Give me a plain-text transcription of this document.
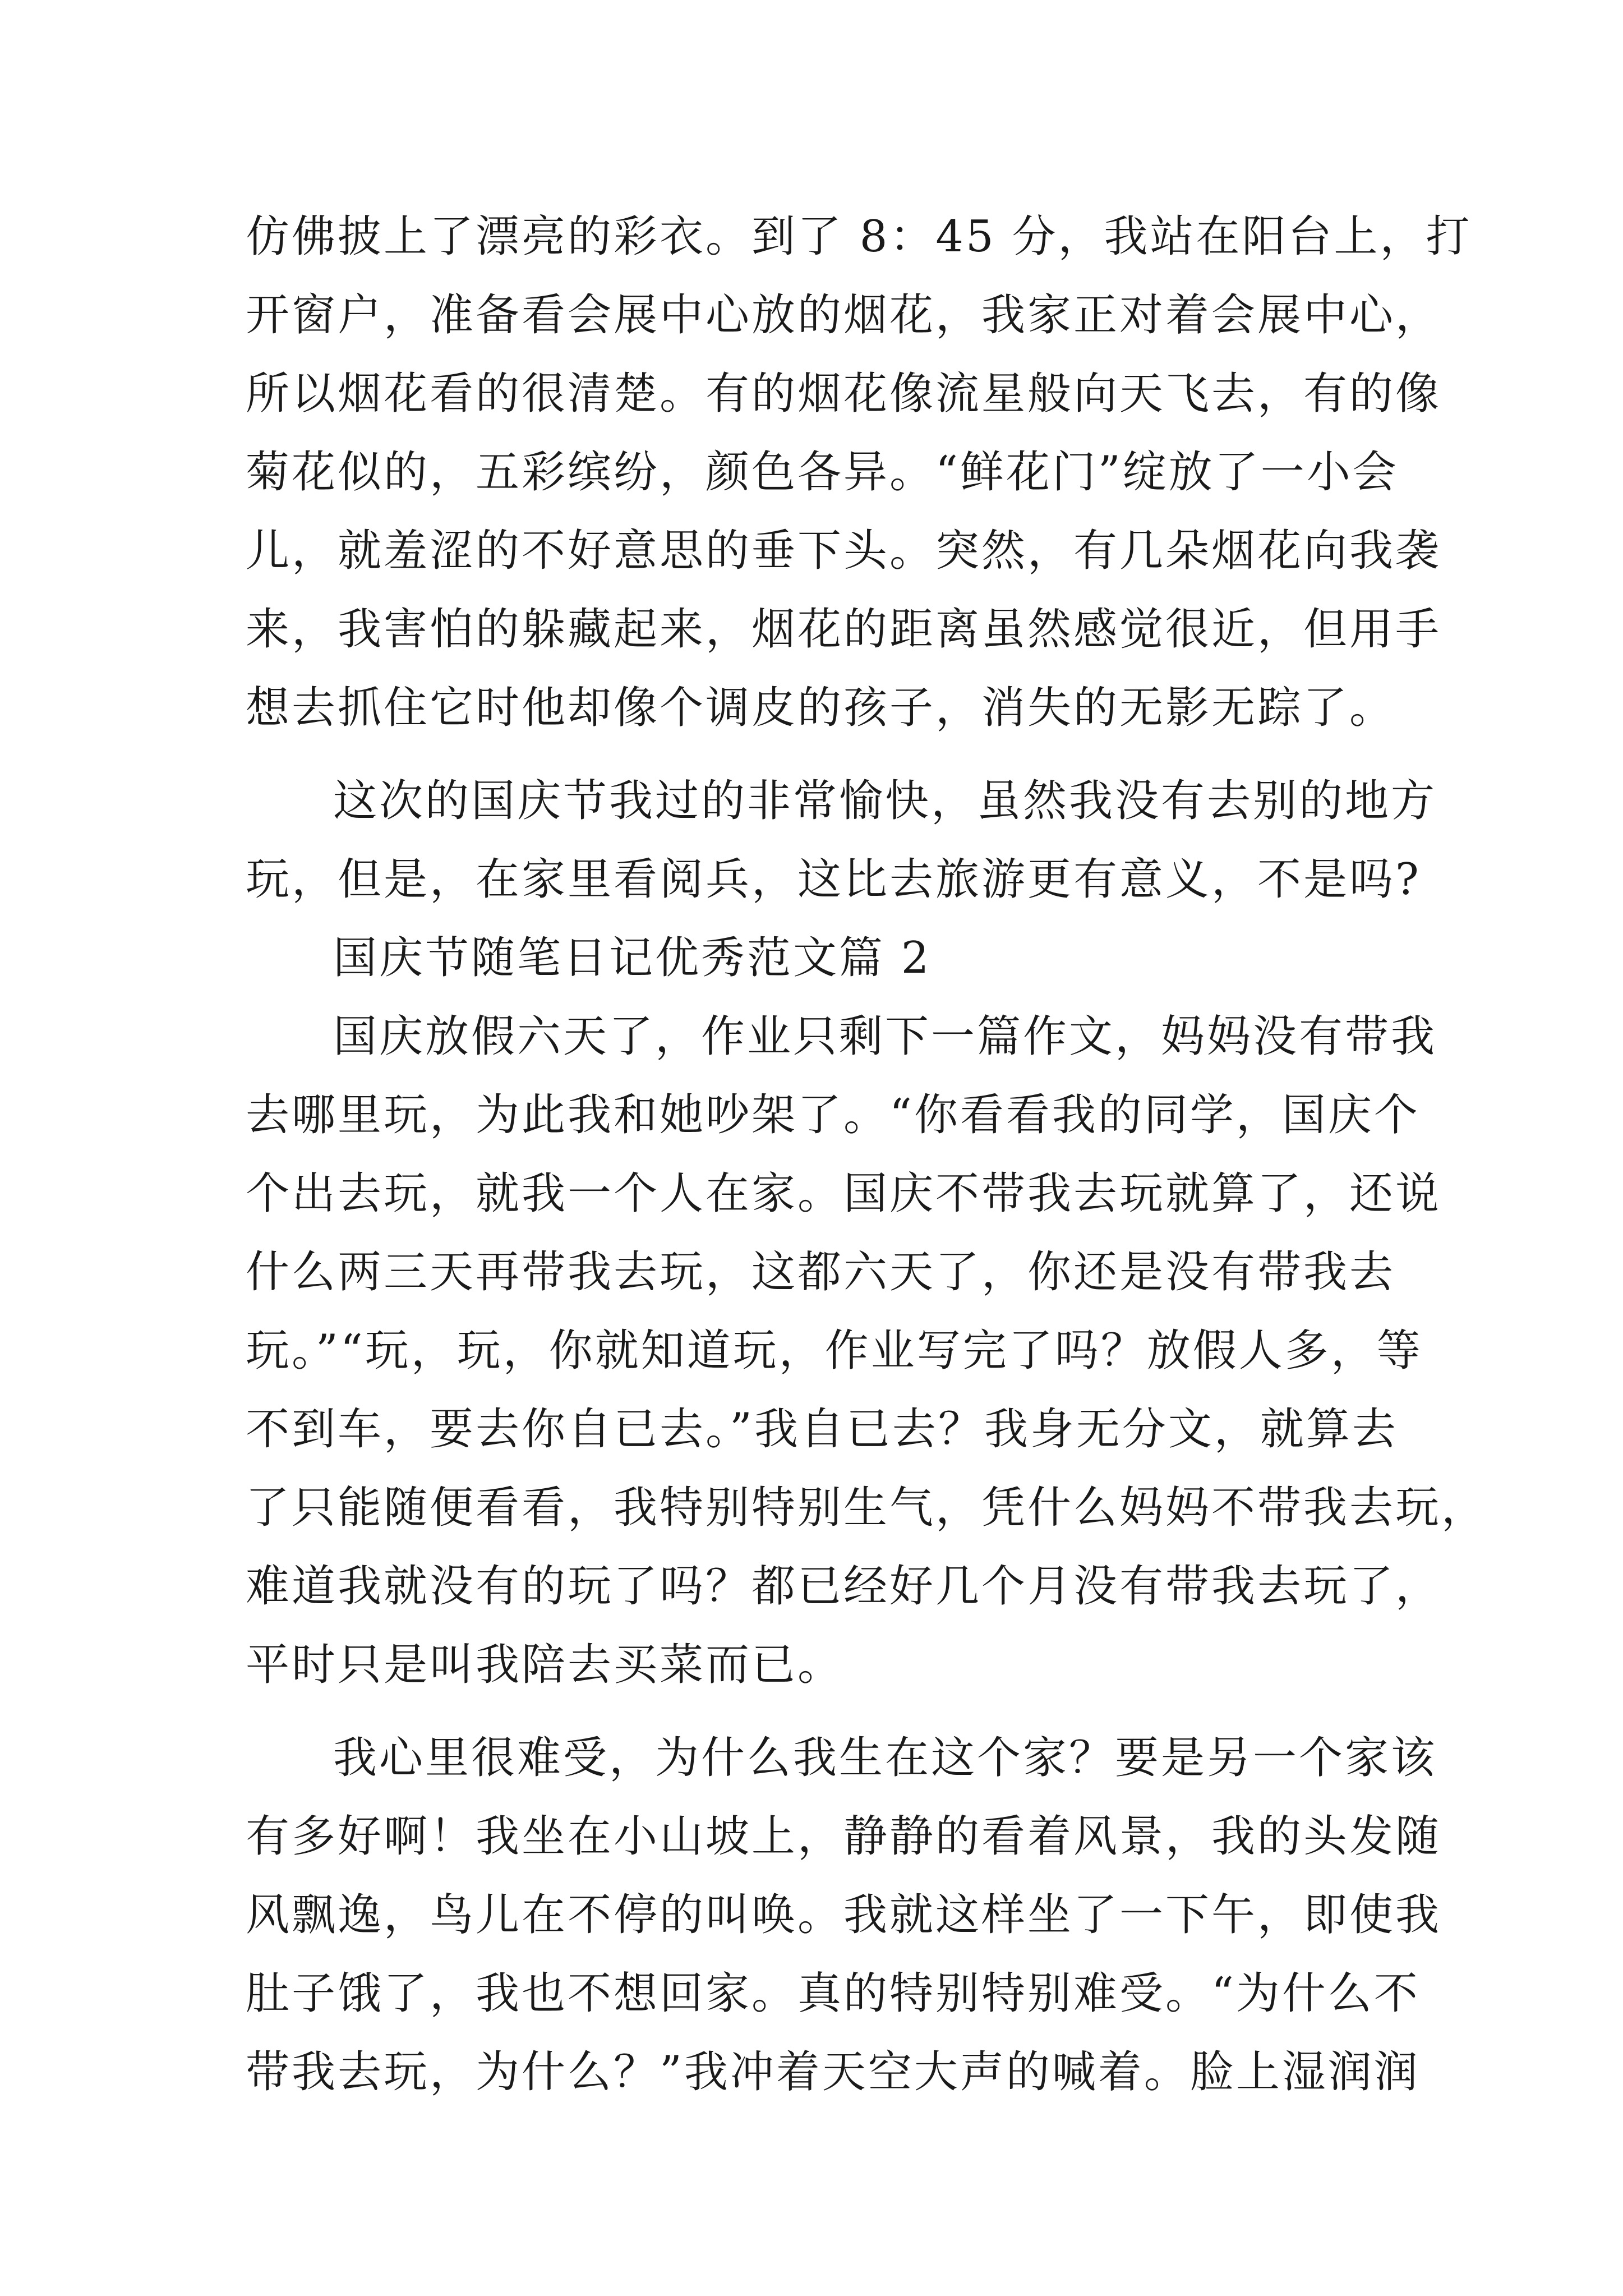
仿佛披上了漂亮的彩衣。到了 8：45 分，我站在阳台上，打
开窗户，准备看会展中心放的烟花，我家正对着会展中心，
所以烟花看的很清楚。有的烟花像流星般向天飞去，有的像
菊花似的，五彩缤纷，颜色各异。“鲜花门”绽放了一小会
儿，就羞涩的不好意思的垂下头。突然，有几朵烟花向我袭
来，我害怕的躲藏起来，烟花的距离虽然感觉很近，但用手
想去抓住它时他却像个调皮的孩子，消失的无影无踪了。
这次的国庆节我过的非常愉快，虽然我没有去别的地方
玩，但是，在家里看阅兵，这比去旅游更有意义，不是吗?
国庆节随笔日记优秀范文篇 2
国庆放假六天了，作业只剩下一篇作文，妈妈没有带我
去哪里玩，为此我和她吵架了。“你看看我的同学，国庆个
个出去玩，就我一个人在家。国庆不带我去玩就算了，还说
什么两三天再带我去玩，这都六天了，你还是没有带我去
玩。”“玩，玩，你就知道玩，作业写完了吗？放假人多，等
不到车，要去你自已去。”我自已去？我身无分文，就算去
了只能随便看看，我特别特别生气，凭什么妈妈不带我去玩，
难道我就没有的玩了吗？都已经好几个月没有带我去玩了，
平时只是叫我陪去买菜而已。
我心里很难受，为什么我生在这个家？要是另一个家该
有多好啊！我坐在小山坡上，静静的看着风景，我的头发随
风飘逸，鸟儿在不停的叫唤。我就这样坐了一下午，即使我
肚子饿了，我也不想回家。真的特别特别难受。“为什么不
带我去玩，为什么？”我冲着天空大声的喊着。脸上湿润润
